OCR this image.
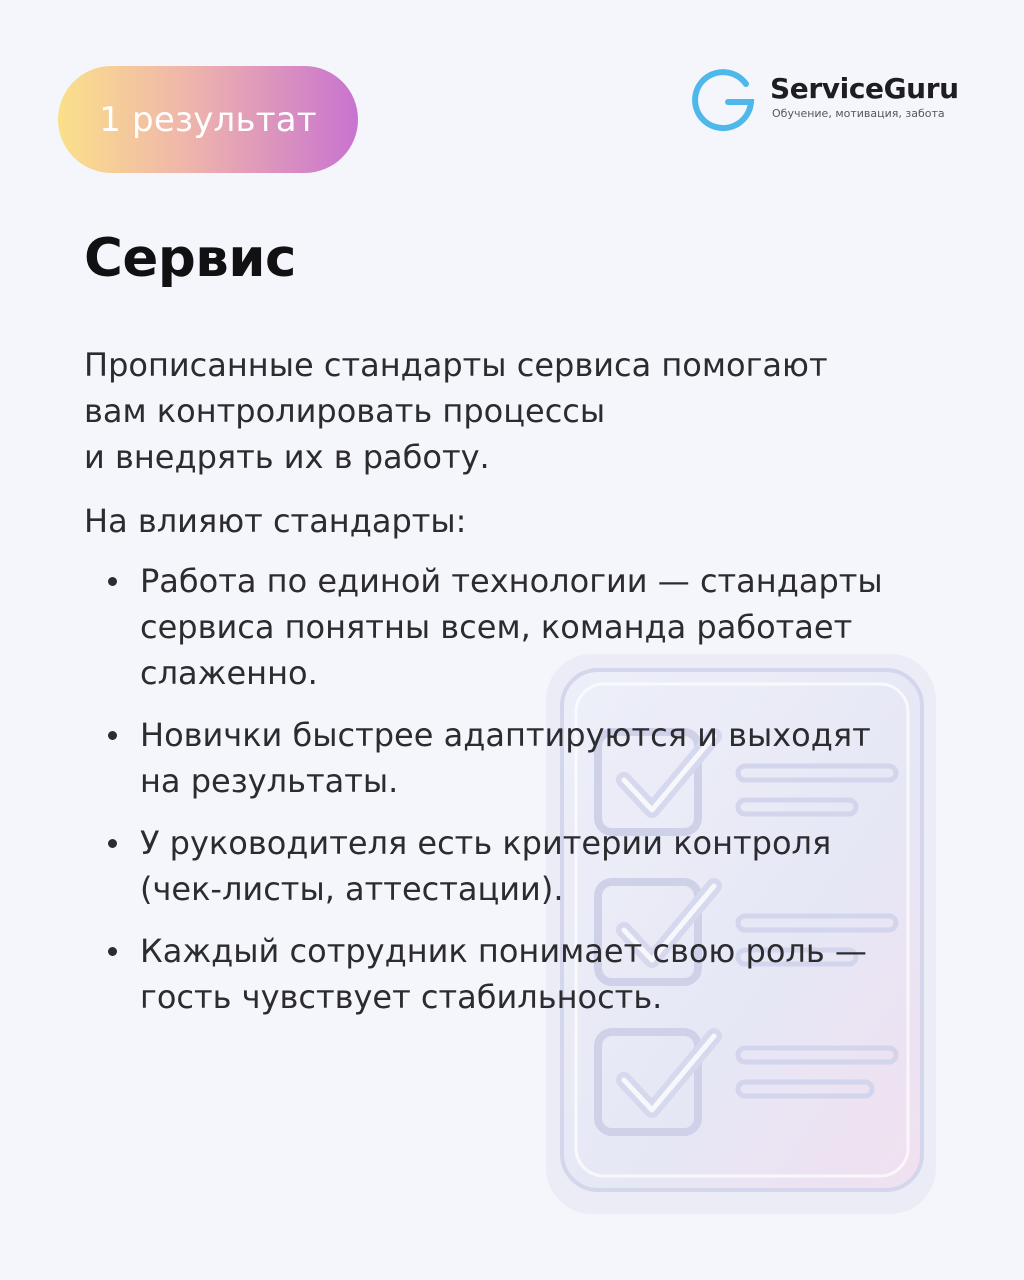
1 результат
ServiceGuru
Обучение, мотивация, забота
Сервис

Прописанные стандарты сервиса помогают
вам контролировать процессы
и внедрять их в работу.

На влияют стандарты:

Работа по единой технологии — стандарты
сервиса понятны всем, команда работает
слаженно.
Новички быстрее адаптируются и выходят
на результаты.
У руководителя есть критерии контроля
(чек-листы, аттестации).
Каждый сотрудник понимает свою роль —
гость чувствует стабильность.
